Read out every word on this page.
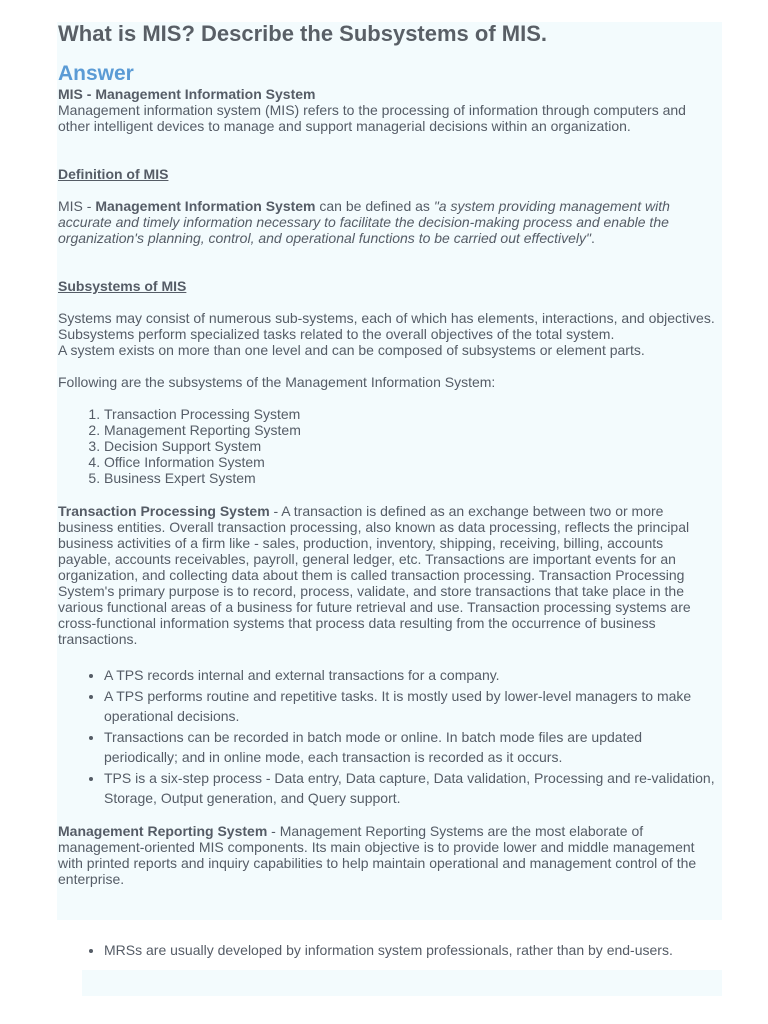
What is MIS? Describe the Subsystems of MIS.
Answer
MIS - Management Information System

Management information system (MIS) refers to the processing of information through computers and other intelligent devices to manage and support managerial decisions within an organization.

Definition of MIS

MIS - Management Information System can be defined as "a system providing management with accurate and timely information necessary to facilitate the decision-making process and enable the organization's planning, control, and operational functions to be carried out effectively".

Subsystems of MIS

Systems may consist of numerous sub-systems, each of which has elements, interactions, and objectives. Subsystems perform specialized tasks related to the overall objectives of the total system.

A system exists on more than one level and can be composed of subsystems or element parts.

Following are the subsystems of the Management Information System:

1. Transaction Processing System
2. Management Reporting System
3. Decision Support System
4. Office Information System
5. Business Expert System

Transaction Processing System - A transaction is defined as an exchange between two or more business entities. Overall transaction processing, also known as data processing, reflects the principal business activities of a firm like - sales, production, inventory, shipping, receiving, billing, accounts payable, accounts receivables, payroll, general ledger, etc. Transactions are important events for an organization, and collecting data about them is called transaction processing. Transaction Processing System's primary purpose is to record, process, validate, and store transactions that take place in the various functional areas of a business for future retrieval and use. Transaction processing systems are cross-functional information systems that process data resulting from the occurrence of business transactions.

• A TPS records internal and external transactions for a company.
• A TPS performs routine and repetitive tasks. It is mostly used by lower-level managers to make operational decisions.
• Transactions can be recorded in batch mode or online. In batch mode files are updated periodically; and in online mode, each transaction is recorded as it occurs.
• TPS is a six-step process - Data entry, Data capture, Data validation, Processing and re-validation, Storage, Output generation, and Query support.

Management Reporting System - Management Reporting Systems are the most elaborate of management-oriented MIS components. Its main objective is to provide lower and middle management with printed reports and inquiry capabilities to help maintain operational and management control of the enterprise.

• MRSs are usually developed by information system professionals, rather than by end-users.
